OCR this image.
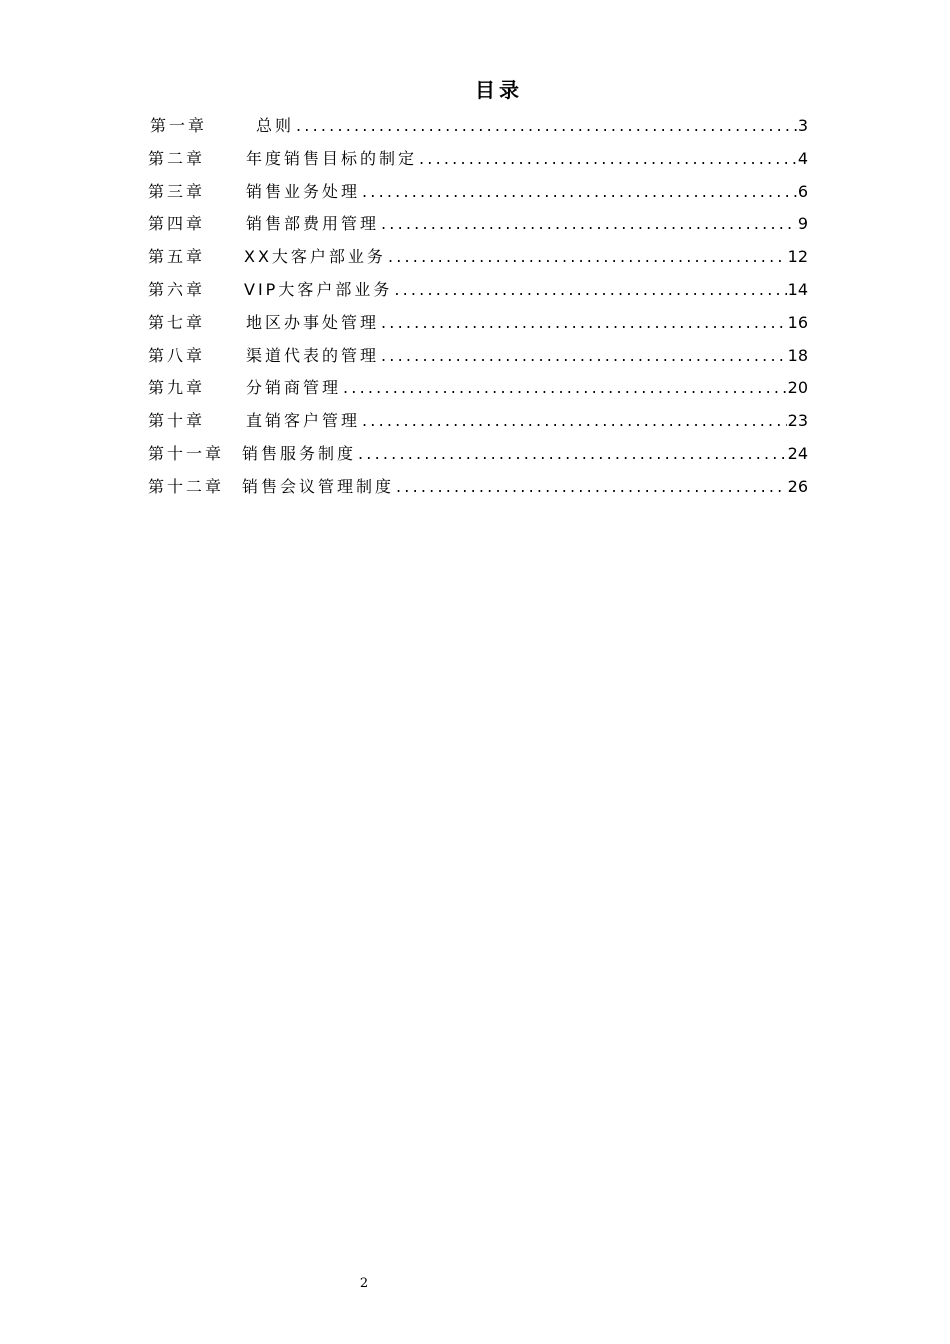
目录
第一章	总则 .....	3
第二章	年度销售目标的制定 .....	4
第三章	销售业务处理 .....	6
第四章	销售部费用管理 .....	9
第五章	XX大客户部业务 .....	12
第六章	VIP大客户部业务 .....	14
第七章	地区办事处管理 .....	16
第八章	渠道代表的管理 .....	18
第九章	分销商管理 .....	20
第十章	直销客户管理 .....	23
第十一章	销售服务制度 .....	24
第十二章	销售会议管理制度 .....	26
2
